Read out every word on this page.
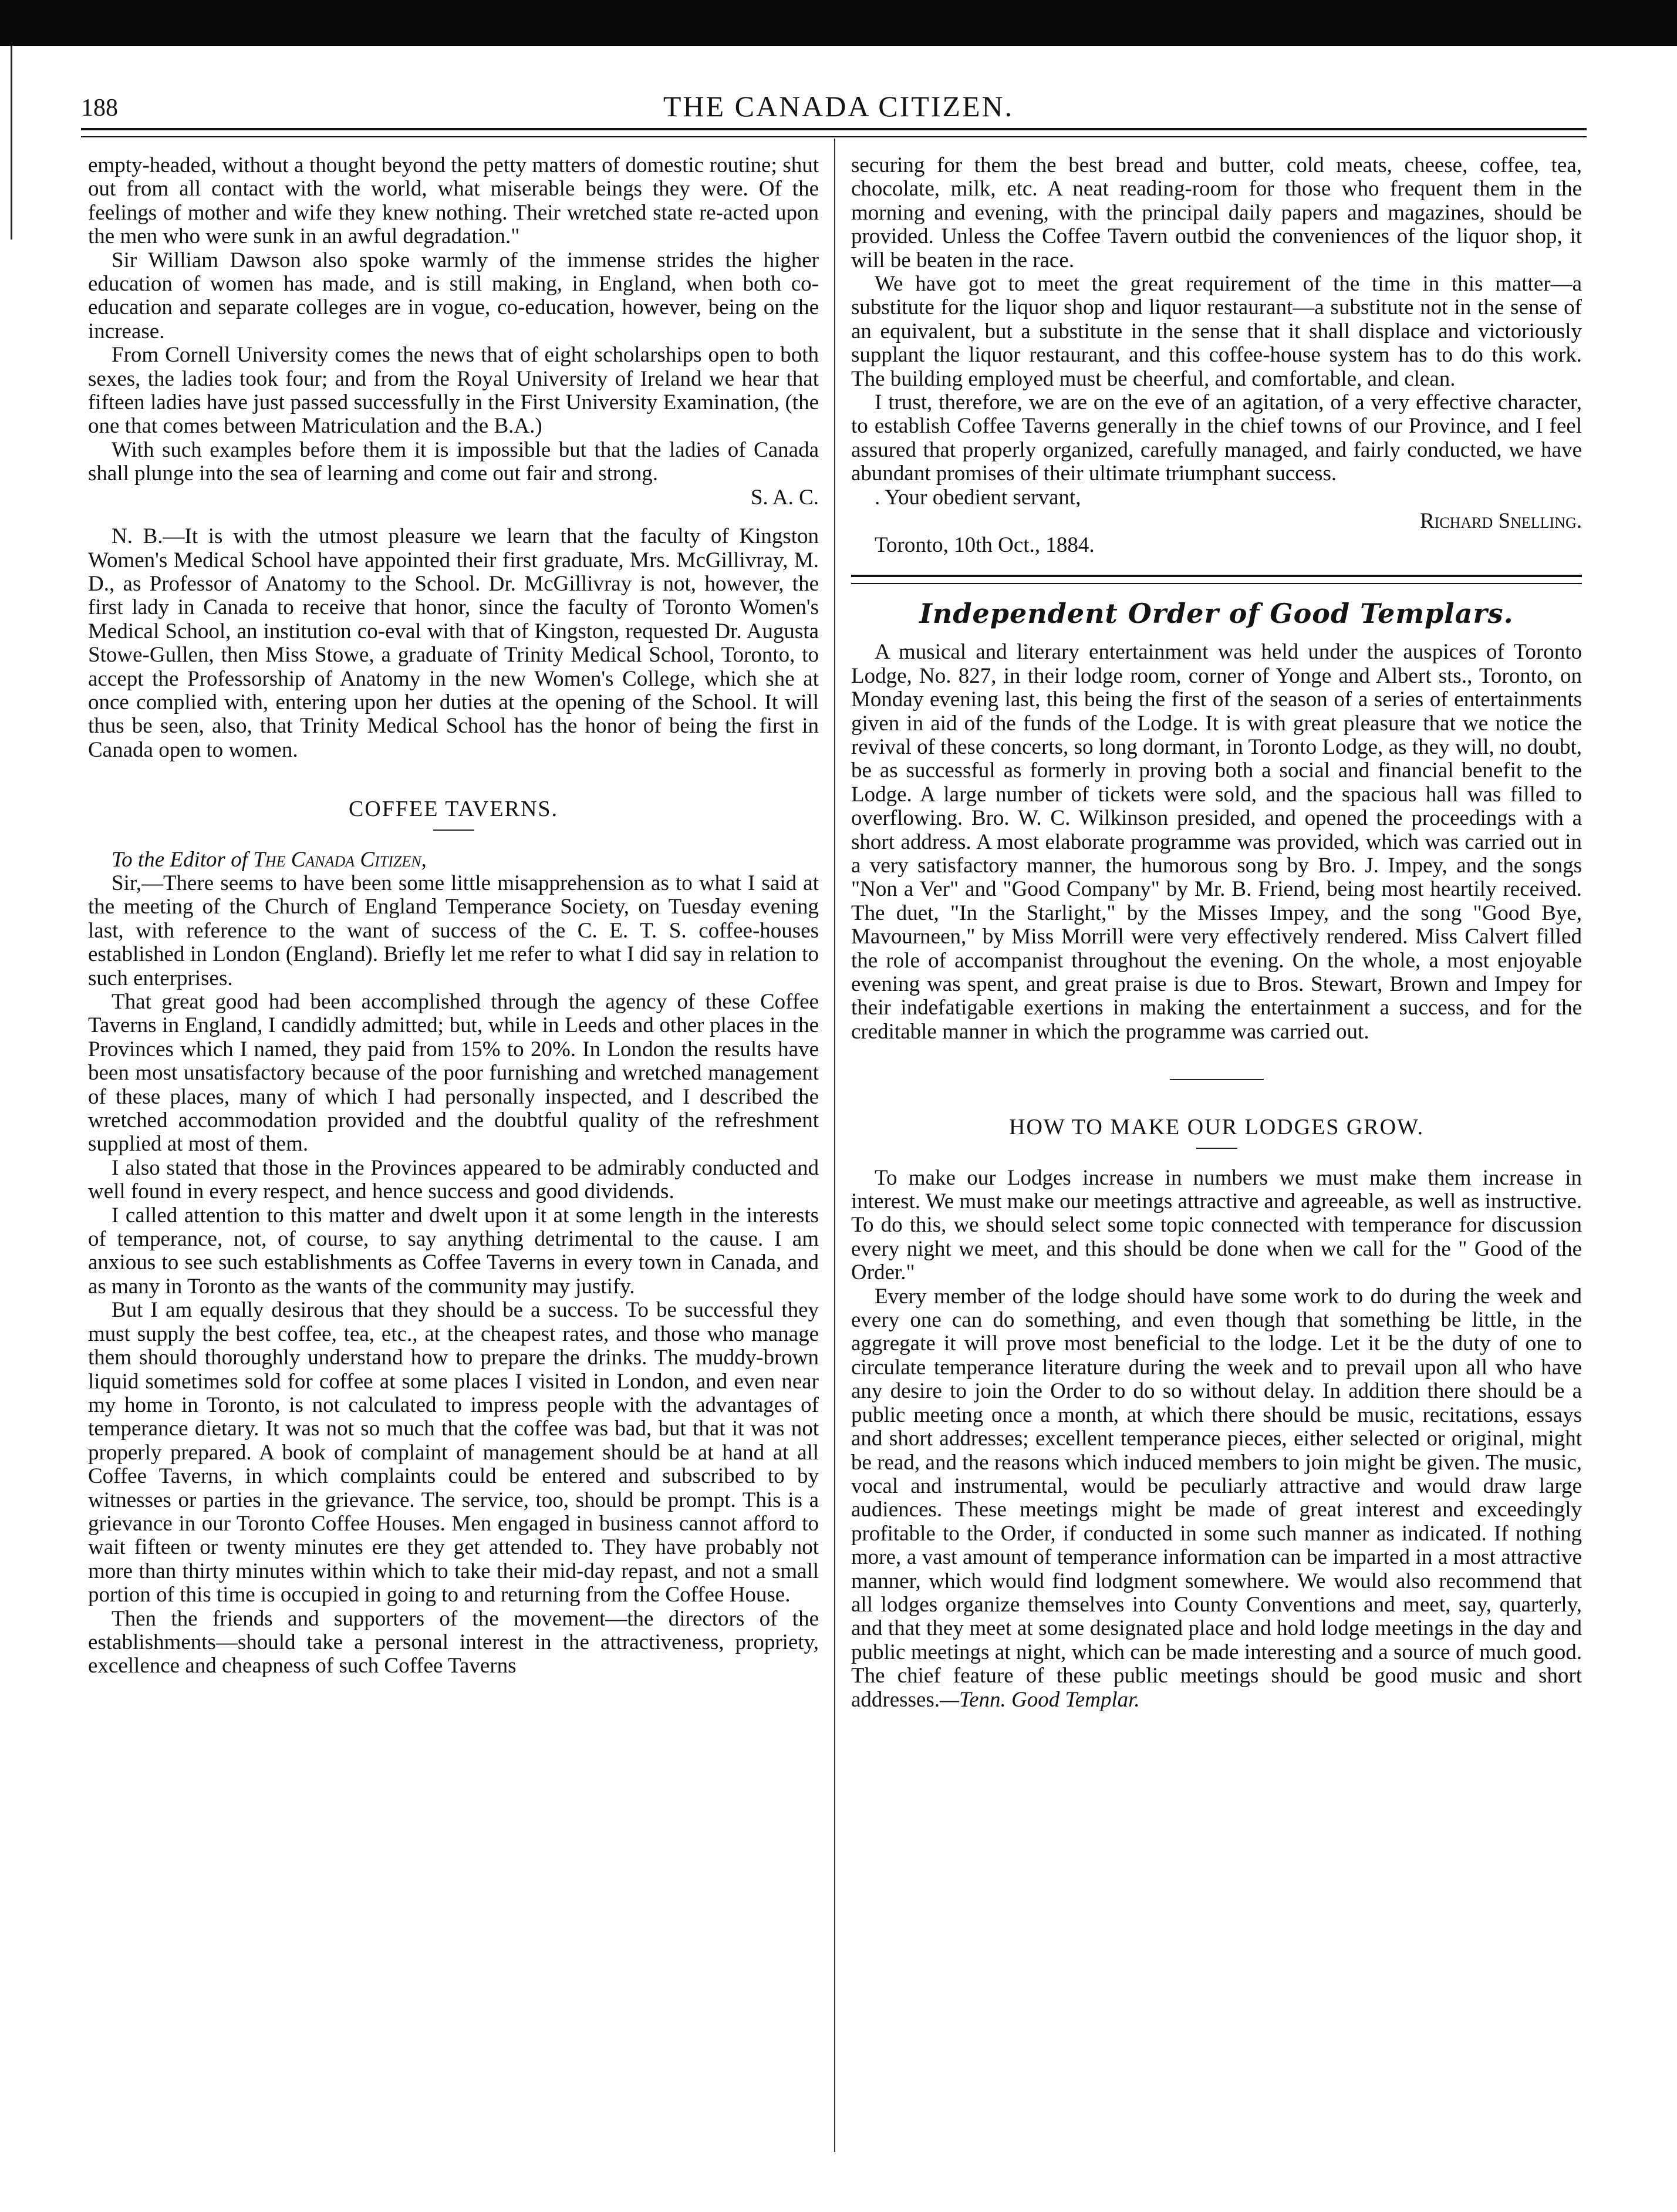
188	THE CANADA CITIZEN.

empty-headed, without a thought beyond the petty matters of domestic routine; shut out from all contact with the world, what miserable beings they were. Of the feelings of mother and wife they knew nothing. Their wretched state re-acted upon the men who were sunk in an awful degradation."

Sir William Dawson also spoke warmly of the immense strides the higher education of women has made, and is still making, in England, when both co-education and separate colleges are in vogue, co-education, however, being on the increase.

From Cornell University comes the news that of eight scholarships open to both sexes, the ladies took four; and from the Royal University of Ireland we hear that fifteen ladies have just passed successfully in the First University Examination, (the one that comes between Matriculation and the B.A.)

With such examples before them it is impossible but that the ladies of Canada shall plunge into the sea of learning and come out fair and strong.

S. A. C.

N. B.—It is with the utmost pleasure we learn that the faculty of Kingston Women's Medical School have appointed their first graduate, Mrs. McGillivray, M. D., as Professor of Anatomy to the School. Dr. McGillivray is not, however, the first lady in Canada to receive that honor, since the faculty of Toronto Women's Medical School, an institution co-eval with that of Kingston, requested Dr. Augusta Stowe-Gullen, then Miss Stowe, a graduate of Trinity Medical School, Toronto, to accept the Professorship of Anatomy in the new Women's College, which she at once complied with, entering upon her duties at the opening of the School. It will thus be seen, also, that Trinity Medical School has the honor of being the first in Canada open to women.

COFFEE TAVERNS.

To the Editor of The Canada Citizen,

Sir,—There seems to have been some little misapprehension as to what I said at the meeting of the Church of England Temperance Society, on Tuesday evening last, with reference to the want of success of the C. E. T. S. coffee-houses established in London (England). Briefly let me refer to what I did say in relation to such enterprises.

That great good had been accomplished through the agency of these Coffee Taverns in England, I candidly admitted; but, while in Leeds and other places in the Provinces which I named, they paid from 15% to 20%. In London the results have been most unsatisfactory because of the poor furnishing and wretched management of these places, many of which I had personally inspected, and I described the wretched accommodation provided and the doubtful quality of the refreshment supplied at most of them.

I also stated that those in the Provinces appeared to be admirably conducted and well found in every respect, and hence success and good dividends.

I called attention to this matter and dwelt upon it at some length in the interests of temperance, not, of course, to say anything detrimental to the cause. I am anxious to see such establishments as Coffee Taverns in every town in Canada, and as many in Toronto as the wants of the community may justify.

But I am equally desirous that they should be a success. To be successful they must supply the best coffee, tea, etc., at the cheapest rates, and those who manage them should thoroughly understand how to prepare the drinks. The muddy-brown liquid sometimes sold for coffee at some places I visited in London, and even near my home in Toronto, is not calculated to impress people with the advantages of temperance dietary. It was not so much that the coffee was bad, but that it was not properly prepared. A book of complaint of management should be at hand at all Coffee Taverns, in which complaints could be entered and subscribed to by witnesses or parties in the grievance. The service, too, should be prompt. This is a grievance in our Toronto Coffee Houses. Men engaged in business cannot afford to wait fifteen or twenty minutes ere they get attended to. They have probably not more than thirty minutes within which to take their mid-day repast, and not a small portion of this time is occupied in going to and returning from the Coffee House.

Then the friends and supporters of the movement—the directors of the establishments—should take a personal interest in the attractiveness, propriety, excellence and cheapness of such Coffee Taverns

securing for them the best bread and butter, cold meats, cheese, coffee, tea, chocolate, milk, etc. A neat reading-room for those who frequent them in the morning and evening, with the principal daily papers and magazines, should be provided. Unless the Coffee Tavern outbid the conveniences of the liquor shop, it will be beaten in the race.

We have got to meet the great requirement of the time in this matter—a substitute for the liquor shop and liquor restaurant—a substitute not in the sense of an equivalent, but a substitute in the sense that it shall displace and victoriously supplant the liquor restaurant, and this coffee-house system has to do this work. The building employed must be cheerful, and comfortable, and clean.

I trust, therefore, we are on the eve of an agitation, of a very effective character, to establish Coffee Taverns generally in the chief towns of our Province, and I feel assured that properly organized, carefully managed, and fairly conducted, we have abundant promises of their ultimate triumphant success.

. Your obedient servant,

Richard Snelling.

Toronto, 10th Oct., 1884.

Independent Order of Good Templars.

A musical and literary entertainment was held under the auspices of Toronto Lodge, No. 827, in their lodge room, corner of Yonge and Albert sts., Toronto, on Monday evening last, this being the first of the season of a series of entertainments given in aid of the funds of the Lodge. It is with great pleasure that we notice the revival of these concerts, so long dormant, in Toronto Lodge, as they will, no doubt, be as successful as formerly in proving both a social and financial benefit to the Lodge. A large number of tickets were sold, and the spacious hall was filled to overflowing. Bro. W. C. Wilkinson presided, and opened the proceedings with a short address. A most elaborate programme was provided, which was carried out in a very satisfactory manner, the humorous song by Bro. J. Impey, and the songs "Non a Ver" and "Good Company" by Mr. B. Friend, being most heartily received. The duet, "In the Starlight," by the Misses Impey, and the song "Good Bye, Mavourneen," by Miss Morrill were very effectively rendered. Miss Calvert filled the role of accompanist throughout the evening. On the whole, a most enjoyable evening was spent, and great praise is due to Bros. Stewart, Brown and Impey for their indefatigable exertions in making the entertainment a success, and for the creditable manner in which the programme was carried out.

HOW TO MAKE OUR LODGES GROW.

To make our Lodges increase in numbers we must make them increase in interest. We must make our meetings attractive and agreeable, as well as instructive. To do this, we should select some topic connected with temperance for discussion every night we meet, and this should be done when we call for the " Good of the Order."

Every member of the lodge should have some work to do during the week and every one can do something, and even though that something be little, in the aggregate it will prove most beneficial to the lodge. Let it be the duty of one to circulate temperance literature during the week and to prevail upon all who have any desire to join the Order to do so without delay. In addition there should be a public meeting once a month, at which there should be music, recitations, essays and short addresses; excellent temperance pieces, either selected or original, might be read, and the reasons which induced members to join might be given. The music, vocal and instrumental, would be peculiarly attractive and would draw large audiences. These meetings might be made of great interest and exceedingly profitable to the Order, if conducted in some such manner as indicated. If nothing more, a vast amount of temperance information can be imparted in a most attractive manner, which would find lodgment somewhere. We would also recommend that all lodges organize themselves into County Conventions and meet, say, quarterly, and that they meet at some designated place and hold lodge meetings in the day and public meetings at night, which can be made interesting and a source of much good. The chief feature of these public meetings should be good music and short addresses.—Tenn. Good Templar.
